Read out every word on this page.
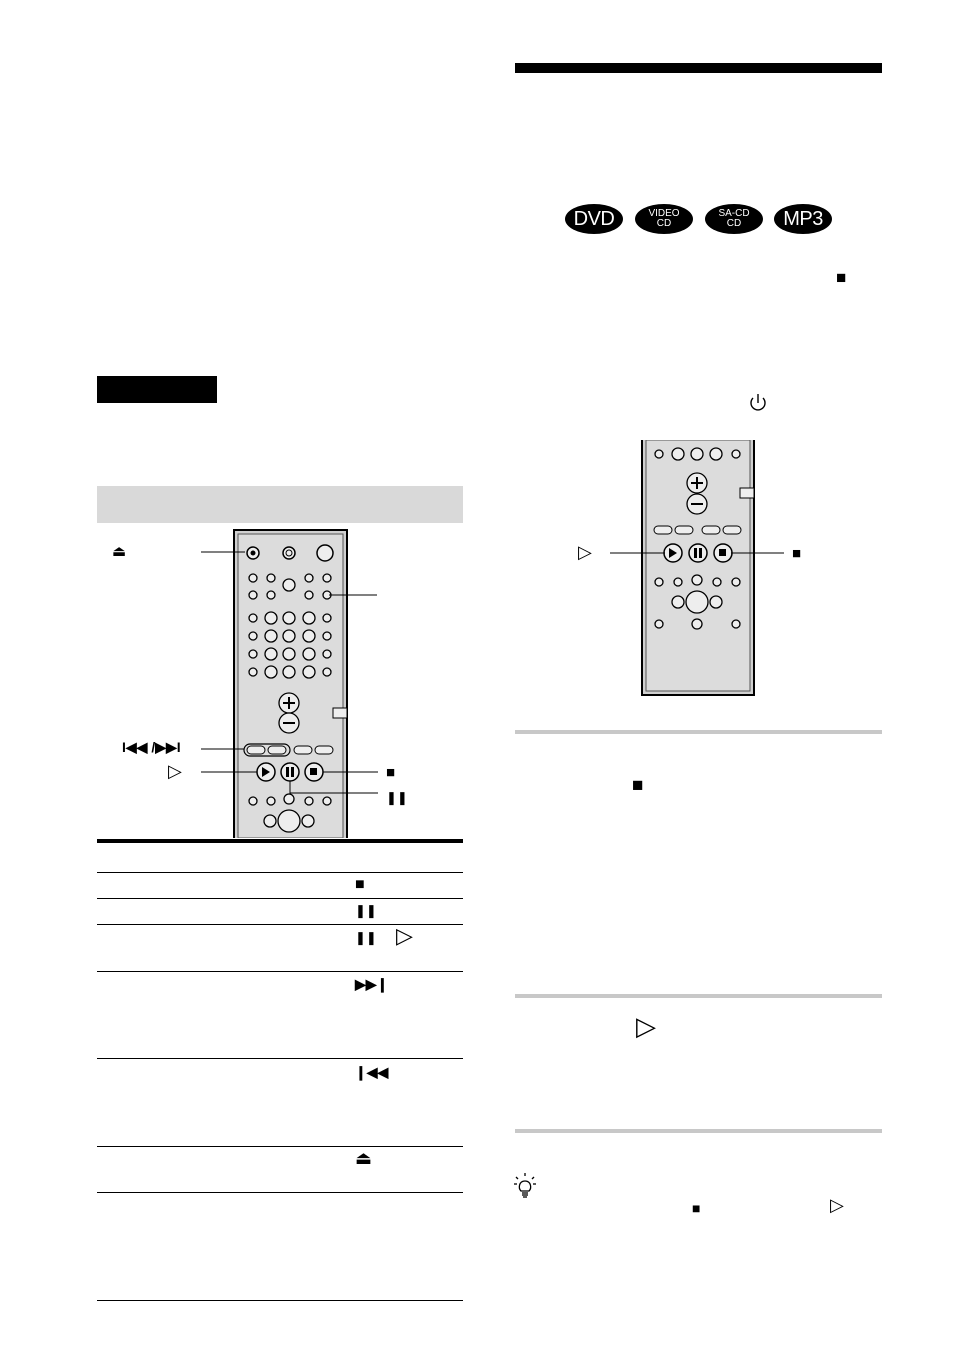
DVD	VIDEO
CD
SA-CD
CD	MP3
■
⏏
I◀◀ /▶▶I
▷	■
❚❚
▷	■
■
▷
■	▷
■
❚❚
❚❚ ▷
▶▶❙
❙◀◀
⏏
